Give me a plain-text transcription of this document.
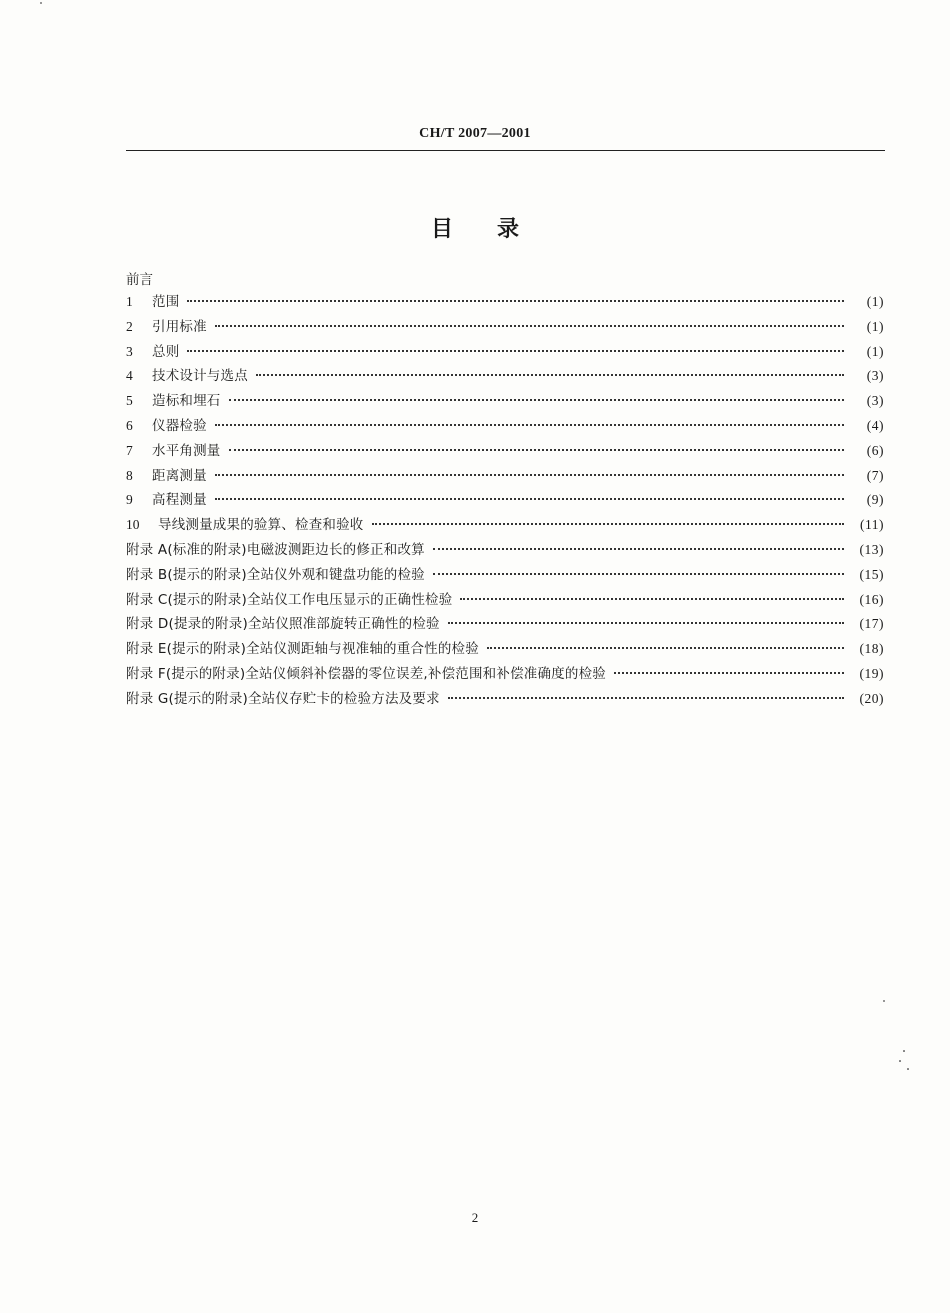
CH/T 2007—2001
目　　录
前言
1	范围	(1)
2	引用标准	(1)
3	总则	(1)
4	技术设计与选点	(3)
5	造标和埋石	(3)
6	仪器检验	(4)
7	水平角测量	(6)
8	距离测量	(7)
9	高程测量	(9)
10	导线测量成果的验算、检查和验收	(11)
附录 A(标准的附录)电磁波测距边长的修正和改算	(13)
附录 B(提示的附录)全站仪外观和键盘功能的检验	(15)
附录 C(提示的附录)全站仪工作电压显示的正确性检验	(16)
附录 D(提录的附录)全站仪照准部旋转正确性的检验	(17)
附录 E(提示的附录)全站仪测距轴与视准轴的重合性的检验	(18)
附录 F(提示的附录)全站仪倾斜补偿器的零位误差,补偿范围和补偿准确度的检验	(19)
附录 G(提示的附录)全站仪存贮卡的检验方法及要求	(20)
2
